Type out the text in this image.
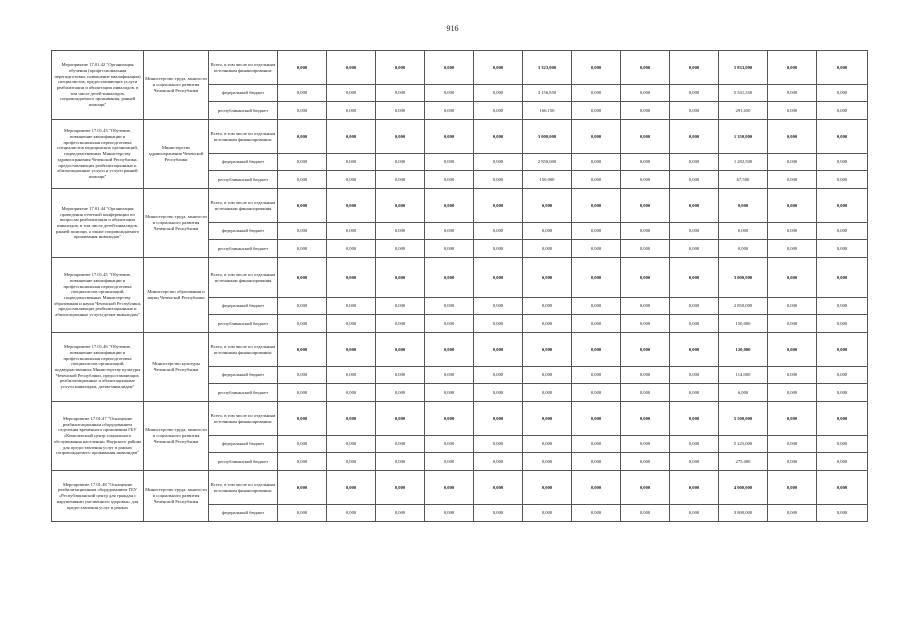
916
Мероприятие 17.01.42 "Организация обучения (профессиональная переподготовка, повышение квалификации) специалистов, предоставляющих услуги реабилитации и абилитации инвалидов, в том числе детей-инвалидов, сопровождаемого проживания, ранней помощи"	Министерство труда, занятости и социального развития Чеченской Республики	Всего, в том числе по отдельным источникам финансирования:	0,000	0,000	0,000	0,000	0,000	3 323,000	0,000	0,000	0,000	5 833,000	0,000	0,000
		федеральный бюджет	0,000	0,000	0,000	0,000	0,000	3 156,850	0,000	0,000	0,000	5 541,350	0,000	0,000
		республиканский бюджет	0,000	0,000	0,000	0,000	0,000	166,150	0,000	0,000	0,000	291,650	0,000	0,000
Мероприятие 17.01.43 "Обучение, повышение квалификации и профессиональная переподготовка специалистов медицинских организаций, подведомственных Министерству здравоохранения Чеченской Республики, предоставляющих реабилитационные и абилитационные услуги и услуги ранней помощи"	Министерство здравоохранения Чеченской Республики	Всего, в том числе по отдельным источникам финансирования:	0,000	0,000	0,000	0,000	0,000	3 000,000	0,000	0,000	0,000	1 350,000	0,000	0,000
		федеральный бюджет	0,000	0,000	0,000	0,000	0,000	2 850,000	0,000	0,000	0,000	1 282,500	0,000	0,000
		республиканский бюджет	0,000	0,000	0,000	0,000	0,000	150,000	0,000	0,000	0,000	67,500	0,000	0,000
Мероприятие 17.01.44 "Организация проведения отчетной конференции по вопросам реабилитации и абилитации инвалидов, в том числе детей-инвалидов, ранней помощи, а также сопровождаемого проживания инвалидов"	Министерство труда, занятости и социального развития Чеченской Республики	Всего, в том числе по отдельным источникам финансирования	0,000	0,000	0,000	0,000	0,000	0,000	0,000	0,000	0,000	0,000	0,000	0,000
		федеральный бюджет	0,000	0,000	0,000	0,000	0,000	0,000	0,000	0,000	0,000	0,000	0,000	0,000
		республиканский бюджет	0,000	0,000	0,000	0,000	0,000	0,000	0,000	0,000	0,000	0,000	0,000	0,000
Мероприятие 17.01.45 "Обучение, повышение квалификации и профессиональная переподготовка специалистов организаций, подведомственных Министерству образования и науки Чеченской Республики, предоставляющих реабилитационные и абилитационные услуги детям-инвалидам"	Министерство образования и науки Чеченской Республики	Всего, в том числе по отдельным источникам финансирования	0,000	0,000	0,000	0,000	0,000	0,000	0,000	0,000	0,000	3 000,000	0,000	0,000
		федеральный бюджет	0,000	0,000	0,000	0,000	0,000	0,000	0,000	0,000	0,000	2 850,000	0,000	0,000
		республиканский бюджет	0,000	0,000	0,000	0,000	0,000	0,000	0,000	0,000	0,000	150,000	0,000	0,000
Мероприятие 17.01.46 "Обучение, повышение квалификации и профессиональная переподготовка специалистов организаций, подведомственных Министерству культуры Чеченской Республики, предоставляющих реабилитационные и абилитационные услуги инвалидам, детям-инвалидам"	Министерство культуры Чеченской Республики	Всего, в том числе по отдельным источникам финансирования:	0,000	0,000	0,000	0,000	0,000	0,000	0,000	0,000	0,000	120,000	0,000	0,000
		федеральный бюджет	0,000	0,000	0,000	0,000	0,000	0,000	0,000	0,000	0,000	114,000	0,000	0,000
		республиканский бюджет	0,000	0,000	0,000	0,000	0,000	0,000	0,000	0,000	0,000	6,000	0,000	0,000
Мероприятие 17.01.47 "Оснащение реабилитационным оборудованием отделения временного проживания ГБУ «Комплексный центр социального обслуживания населения» Наурского района для предоставления услуг в рамках сопровождаемого проживания инвалидов"	Министерство труда, занятости и социального развития Чеченской Республики	Всего, в том числе по отдельным источникам финансирования:	0,000	0,000	0,000	0,000	0,000	0,000	0,000	0,000	0,000	5 500,000	0,000	0,000
		федеральный бюджет	0,000	0,000	0,000	0,000	0,000	0,000	0,000	0,000	0,000	5 225,000	0,000	0,000
		республиканский бюджет	0,000	0,000	0,000	0,000	0,000	0,000	0,000	0,000	0,000	275,000	0,000	0,000
Мероприятие 17.01.48 "Оснащение реабилитационным оборудованием ГБУ «Республиканский центр для граждан с нарушениями умственного здоровья» для предоставления услуг в рамках	Министерство труда, занятости и социального развития Чеченской Республики	Всего, в том числе по отдельным источникам финансирования:	0,000	0,000	0,000	0,000	0,000	0,000	0,000	0,000	0,000	4 000,000	0,000	0,000
		федеральный бюджет	0,000	0,000	0,000	0,000	0,000	0,000	0,000	0,000	0,000	3 800,000	0,000	0,000
